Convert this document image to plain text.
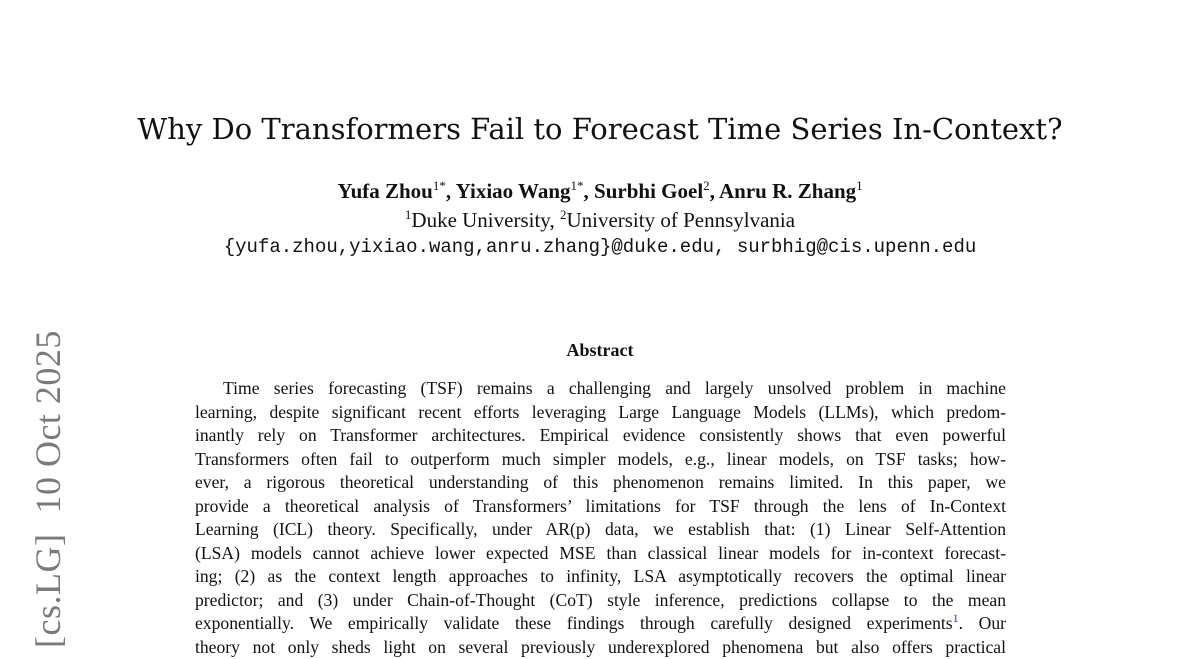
[cs.LG]10 Oct 2025
Why Do Transformers Fail to Forecast Time Series In-Context?
Yufa Zhou$^{1*}$, Yixiao Wang$^{1*}$, Surbhi Goel$^2$, Anru R. Zhang$^1$
$^1$Duke University, $^2$University of Pennsylvania
{yufa.zhou,yixiao.wang,anru.zhang}@duke.edu, surbhig@cis.upenn.edu
Abstract
Time series forecasting (TSF) remains a challenging and largely unsolved problem in machine
learning, despite significant recent efforts leveraging Large Language Models (LLMs), which predom-
inantly rely on Transformer architectures. Empirical evidence consistently shows that even powerful
Transformers often fail to outperform much simpler models, e.g., linear models, on TSF tasks; how-
ever, a rigorous theoretical understanding of this phenomenon remains limited. In this paper, we
provide a theoretical analysis of Transformers’ limitations for TSF through the lens of In-Context
Learning (ICL) theory. Specifically, under AR(p) data, we establish that: (1) Linear Self-Attention
(LSA) models cannot achieve lower expected MSE than classical linear models for in-context forecast-
ing; (2) as the context length approaches to infinity, LSA asymptotically recovers the optimal linear
predictor; and (3) under Chain-of-Thought (CoT) style inference, predictions collapse to the mean
exponentially. We empirically validate these findings through carefully designed experiments$^1$. Our
theory not only sheds light on several previously underexplored phenomena but also offers practical
